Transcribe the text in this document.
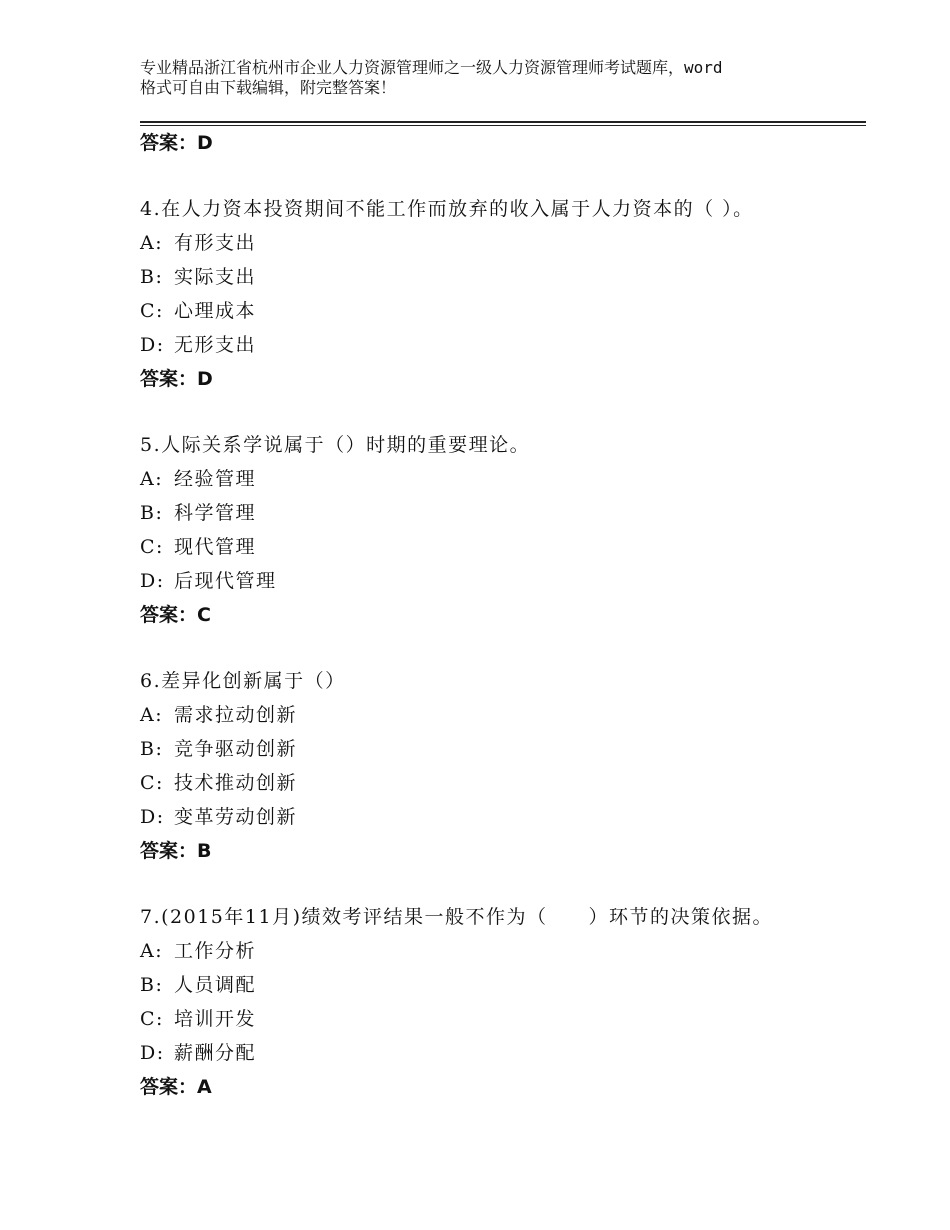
专业精品浙江省杭州市企业人力资源管理师之一级人力资源管理师考试题库，word
格式可自由下载编辑，附完整答案！
答案：D
4.在人力资本投资期间不能工作而放弃的收入属于人力资本的（ ）。
A: 有形支出
B: 实际支出
C: 心理成本
D: 无形支出
答案：D
5.人际关系学说属于（）时期的重要理论。
A: 经验管理
B: 科学管理
C: 现代管理
D: 后现代管理
答案：C
6.差异化创新属于（）
A: 需求拉动创新
B: 竞争驱动创新
C: 技术推动创新
D: 变革劳动创新
答案：B
7.(2015年11月)绩效考评结果一般不作为（　　）环节的决策依据。
A: 工作分析
B: 人员调配
C: 培训开发
D: 薪酬分配
答案：A
